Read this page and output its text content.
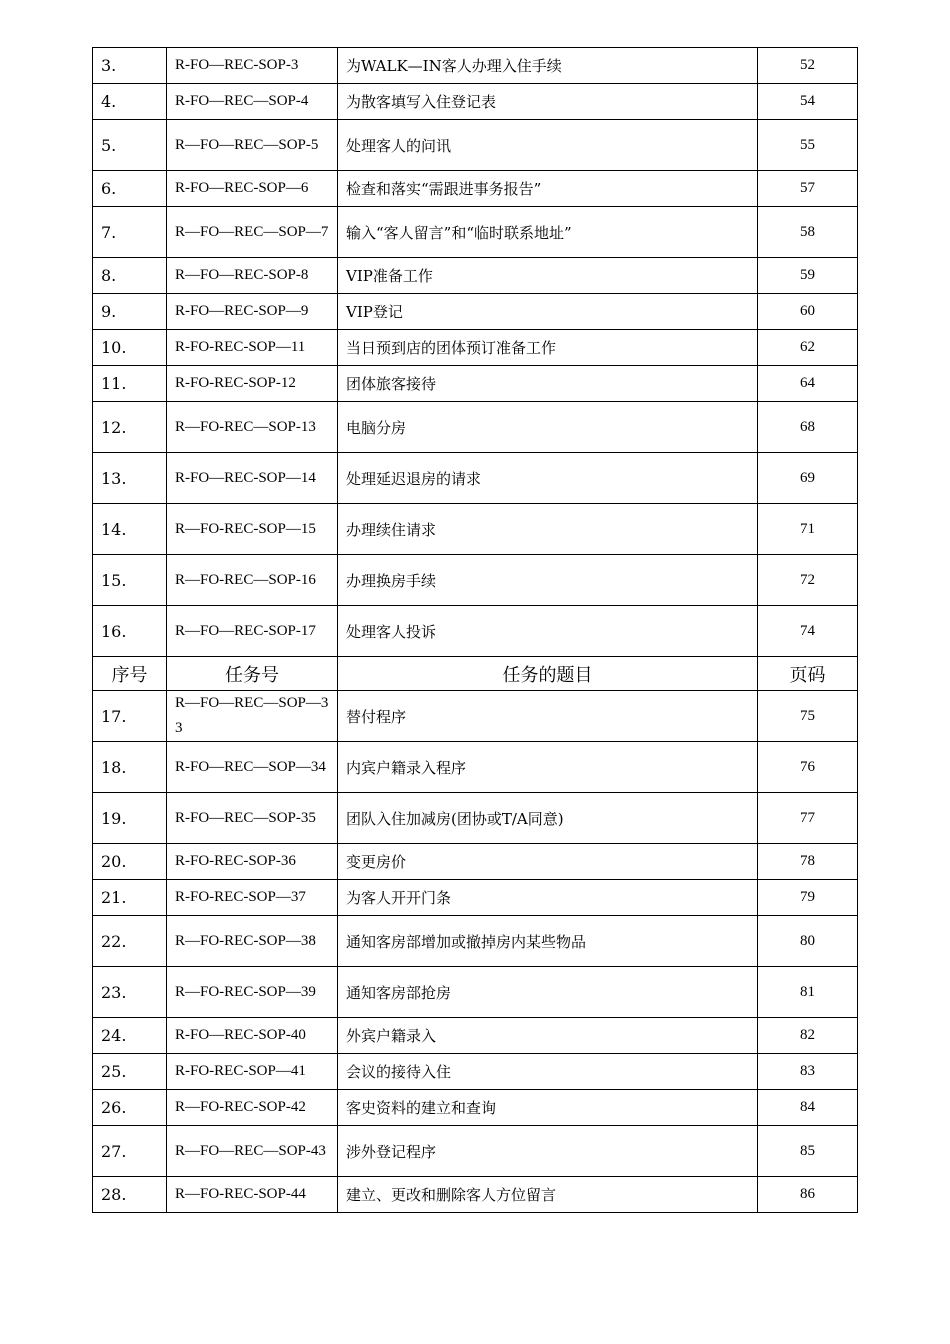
3.	R-FO—REC-SOP-3	为WALK—IN客人办理入住手续	52
4.	R-FO—REC—SOP-4	为散客填写入住登记表	54
5.	R—FO—REC—SOP-5	处理客人的问讯	55
6.	R-FO—REC-SOP—6	检查和落实“需跟进事务报告”	57
7.	R—FO—REC—SOP—7	输入“客人留言”和“临时联系地址”	58
8.	R—FO—REC-SOP-8	VIP准备工作	59
9.	R-FO—REC-SOP—9	VIP登记	60
10.	R-FO-REC-SOP—11	当日预到店的团体预订准备工作	62
11.	R-FO-REC-SOP-12	团体旅客接待	64
12.	R—FO-REC—SOP-13	电脑分房	68
13.	R-FO—REC-SOP—14	处理延迟退房的请求	69
14.	R—FO-REC-SOP—15	办理续住请求	71
15.	R—FO-REC—SOP-16	办理换房手续	72
16.	R—FO—REC-SOP-17	处理客人投诉	74
序号	任务号	任务的题目	页码
17.	R—FO—REC—SOP—33	替付程序	75
18.	R-FO—REC—SOP—34	内宾户籍录入程序	76
19.	R-FO—REC—SOP-35	团队入住加减房(团协或T/A同意)	77
20.	R-FO-REC-SOP-36	变更房价	78
21.	R-FO-REC-SOP—37	为客人开开门条	79
22.	R—FO-REC-SOP—38	通知客房部增加或撤掉房内某些物品	80
23.	R—FO-REC-SOP—39	通知客房部抢房	81
24.	R-FO—REC-SOP-40	外宾户籍录入	82
25.	R-FO-REC-SOP—41	会议的接待入住	83
26.	R—FO-REC-SOP-42	客史资料的建立和查询	84
27.	R—FO—REC—SOP-43	涉外登记程序	85
28.	R—FO-REC-SOP-44	建立、更改和删除客人方位留言	86
